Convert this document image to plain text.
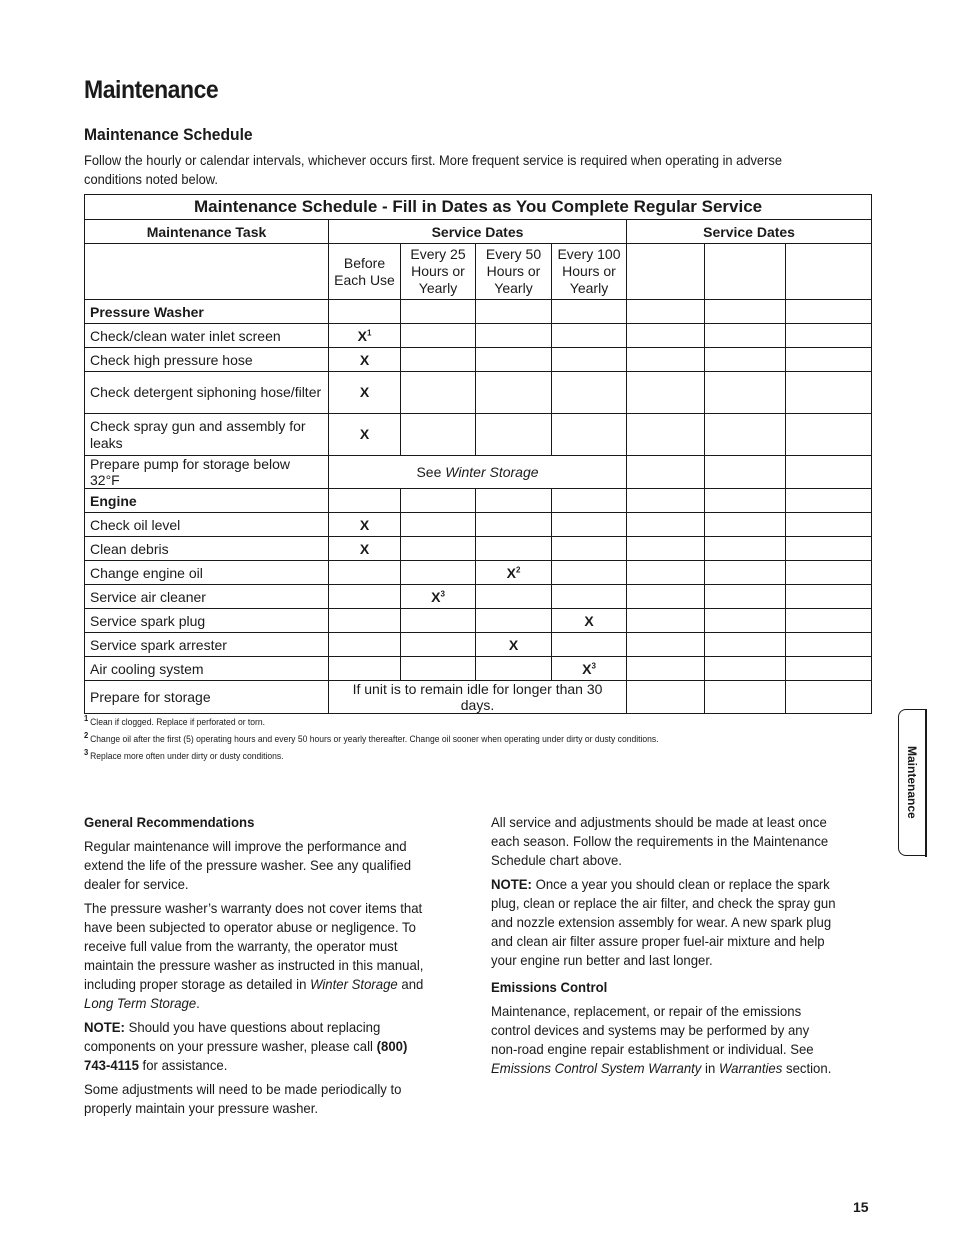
Maintenance
Maintenance Schedule
Follow the hourly or calendar intervals, whichever occurs first. More frequent service is required when operating in adverse conditions noted below.
Maintenance Schedule - Fill in Dates as You Complete Regular Service							
Maintenance Task	Service Dates				Service Dates		
	Before Each Use	Every 25 Hours or Yearly	Every 50 Hours or Yearly	Every 100 Hours or Yearly			
Pressure Washer							
Check/clean water inlet screen	$X^1$						
Check high pressure hose	X						
Check detergent siphoning hose/filter	X						
Check spray gun and assembly for leaks	X						
Prepare pump for storage below 32°F	See Winter Storage						
Engine							
Check oil level	X						
Clean debris	X						
Change engine oil			$X^2$				
Service air cleaner		$X^3$					
Service spark plug				X			
Service spark arrester			X				
Air cooling system				$X^3$			
Prepare for storage	If unit is to remain idle for longer than 30 days.						
1 Clean if clogged. Replace if perforated or torn.
2 Change oil after the first (5) operating hours and every 50 hours or yearly thereafter. Change oil sooner when operating under dirty or dusty conditions.
3 Replace more often under dirty or dusty conditions.

General Recommendations

Regular maintenance will improve the performance and extend the life of the pressure washer. See any qualified dealer for service.

The pressure washer’s warranty does not cover items that have been subjected to operator abuse or negligence. To receive full value from the warranty, the operator must maintain the pressure washer as instructed in this manual, including proper storage as detailed in Winter Storage and Long Term Storage.

NOTE: Should you have questions about replacing components on your pressure washer, please call (800) 743-4115 for assistance.

Some adjustments will need to be made periodically to properly maintain your pressure washer.

All service and adjustments should be made at least once each season. Follow the requirements in the Maintenance Schedule chart above.

NOTE: Once a year you should clean or replace the spark plug, clean or replace the air filter, and check the spray gun and nozzle extension assembly for wear. A new spark plug and clean air filter assure proper fuel-air mixture and help your engine run better and last longer.

Emissions Control

Maintenance, replacement, or repair of the emissions control devices and systems may be performed by any non-road engine repair establishment or individual. See Emissions Control System Warranty in Warranties section.

Maintenance
15
